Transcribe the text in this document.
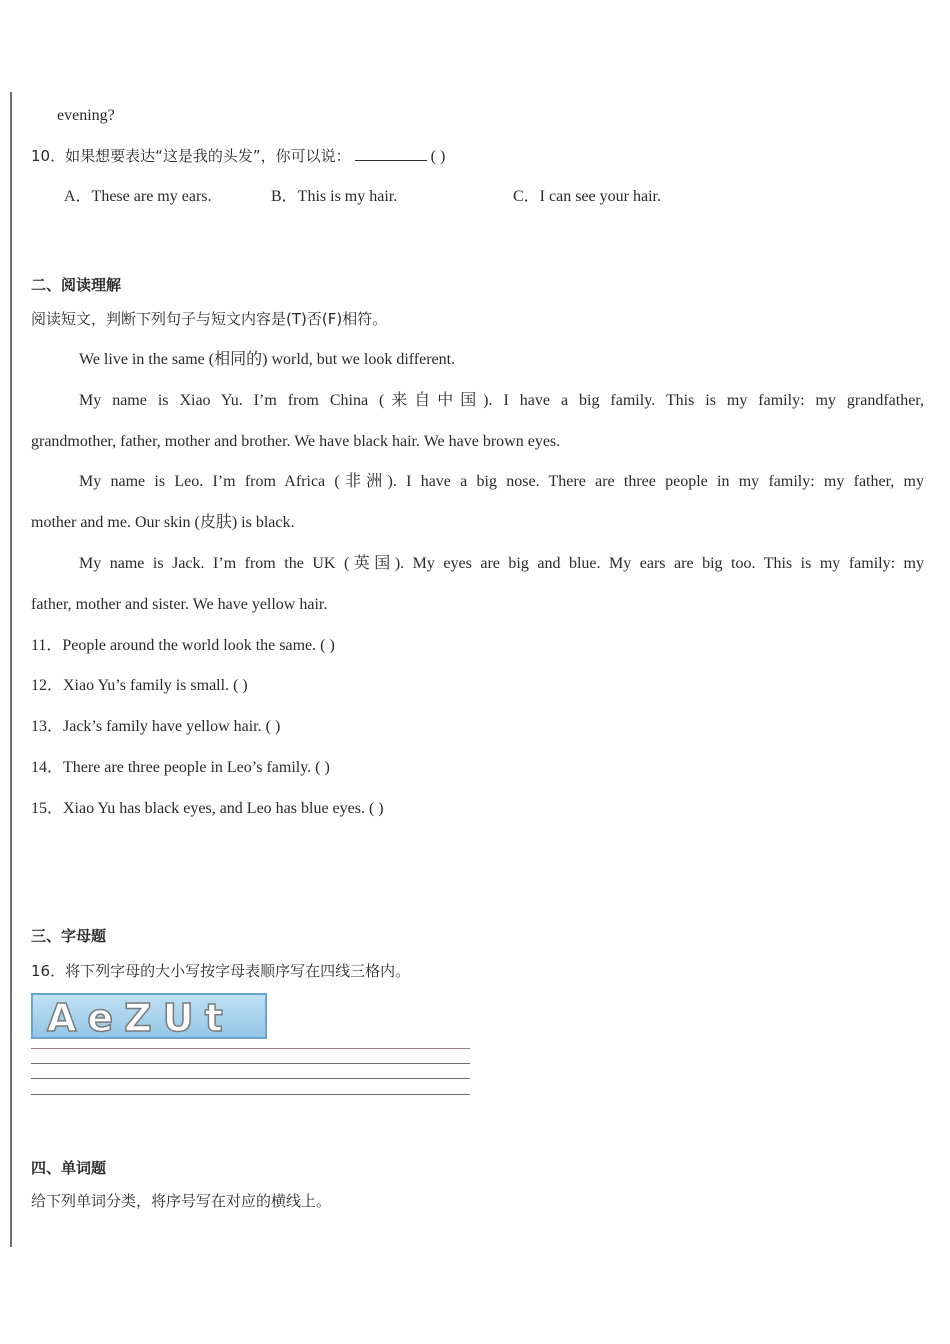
evening?
10．如果想要表达“这是我的头发”，你可以说：	( )
A．These are my ears.	B．This is my hair.	C．I can see your hair.
二、阅读理解
阅读短文，判断下列句子与短文内容是(T)否(F)相符。
We live in the same (相同的) world, but we look different.
My name is Xiao Yu. I’m from China (来自中国). I have a big family. This is my family: my grandfather,
grandmother, father, mother and brother. We have black hair. We have brown eyes.
My name is Leo. I’m from Africa (非洲). I have a big nose. There are three people in my family: my father, my
mother and me. Our skin (皮肤) is black.
My name is Jack. I’m from the UK (英国). My eyes are big and blue. My ears are big too. This is my family: my
father, mother and sister. We have yellow hair.
11．People around the world look the same. ( )
12．Xiao Yu’s family is small. ( )
13．Jack’s family have yellow hair. ( )
14．There are three people in Leo’s family. ( )
15．Xiao Yu has black eyes, and Leo has blue eyes. ( )
三、字母题
16．将下列字母的大小写按字母表顺序写在四线三格内。
AeZUt
四、单词题
给下列单词分类，将序号写在对应的横线上。
